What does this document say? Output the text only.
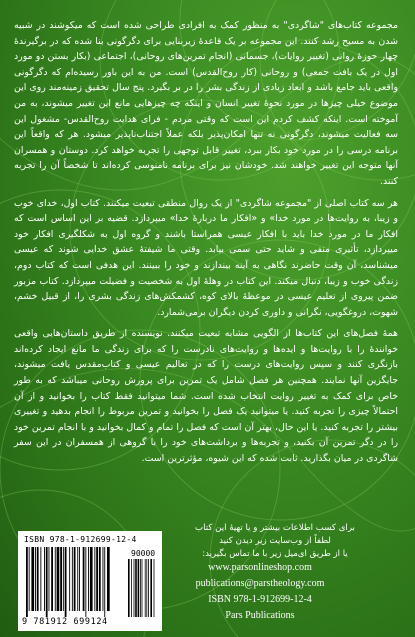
مجموعه کتاب‌های "شاگردی" به منظور کمک به افرادی طراحی شده است که میکوشند در شبیه شدن به مسیح رشد کنند. این مجموعه بر یک قاعدهٔ زیربنایی برای دگرگونی بنا شده که در برگیرندهٔ چهار حوزهٔ روانی (تغییر روایات)، جسمانی (انجام تمرین‌های روحانی)، اجتماعی (بکار بستن دو مورد اول در یک بافت جمعی) و روحانی (کار روح‌القدس) است. من به این باور رسیده‌ام که دگرگونی واقعی باید جامع باشد و ابعاد زیادی از زندگی بشر را در بر بگیرد. پنج سال تحقیق زمینه‌مند روی این موضوع خیلی چیزها در مورد نحوهٔ تغییر انسان و اینکه چه چیزهایی مانع این تغییر میشوند، به من آموخته است. اینکه کشف کردم این است که وقتی مردم - فرای هدایت روح‌القدس- مشغول این سه فعالیت میشوند، دگرگونی نه تنها امکان‌پذیر بلکه عملاً اجتناب‌ناپذیر میشود. هر که واقعاً این برنامه درسی را در مورد خود بکار ببرد، تغییر قابل توجهی را تجربه خواهد کرد. دوستان و همسران آنها متوجه این تغییر خواهند شد. خودشان نیز برای برنامه نامنوسی کرده‌اند تا شخصاً آن را تجربه کنند.

هر سه کتاب اصلی از "مجموعه شاگردی" از یک روال منطقی تبعیت میکنند. کتاب اول، خدای خوب و زیبا، به روایت‌ها در مورد خدا» و «افکار ما دربارهٔ خدا» میپردازد. قضیه بر این اساس است که افکار ما در مورد خدا باید با افکار عیسی همراستا باشند و گروه اول به شکلگیری افکار خود میپردازد، تأثیری منفی و شاید حتی سمی بیابد. وقتی ما شیفتهٔ عشق خدایی شوند که عیسی میشناسد، آن وقت حاضرند نگاهی به آینه بیندازند و خود را ببینند. این هدفی است که کتاب دوم، زندگی خوب و زیبا، دنبال میکند. این کتاب در وهلهٔ اول به شخصیت و فضیلت میپردازد. کتاب مزبور ضمن پیروی از تعلیم عیسی در موعظهٔ بالای کوه، کشمکش‌های زندگی بشری را، از قبیل خشم، شهوت، دروغگویی، نگرانی و داوری کردن دیگران برمی‌شمارد.

همهٔ فصل‌های این کتاب‌ها از الگویی مشابه تبعیت میکنند. نویسنده از طریق داستان‌هایی واقعی خوانندهٔ را با روایت‌ها و ایده‌ها و روایت‌های نادرست را که برای زندگی ما مانع ایجاد کرده‌اند بازنگری کنند و سپس روایت‌های درست را که در تعالیم عیسی و کتاب‌مقدس یافت میشوند، جایگزین آنها نمایند. همچنین هر فصل شامل یک تمرین برای پرورش روحانی میباشد که به طور خاص برای کمک به تغییر روایت انتخاب شده است. شما میتوانید فقط کتاب را بخوانید و از آن احتمالاً چیزی را تجربه کنید. یا میتوانید یک فصل را بخوانید و تمرین مربوط را انجام بدهید و تغییری بیشتر را تجربه کنید. یا این حال، بهتر آن است که فصل را تمام و کمال بخوانید و با انجام تمرین خود را در دگر تمرین آن بکنید، و تجربه‌ها و برداشت‌های خود را با گروهی از همسفران در این سفر شاگردی در میان بگذارید. ثابت شده که این شیوه، مؤثرترین است.

برای کسب اطلاعات بیشتر و یا تهیهٔ این کتاب
لطفاً از وب‌سایت زیر دیدن کنید
یا از طریق ای‌میل زیر با ما تماس بگیرید:
www.parsonlineshop.com
publications@parstheology.com
ISBN 978-1-912699-12-4
Pars Publications
ISBN 978-1-912699-12-4
90000
9 781912 699124
